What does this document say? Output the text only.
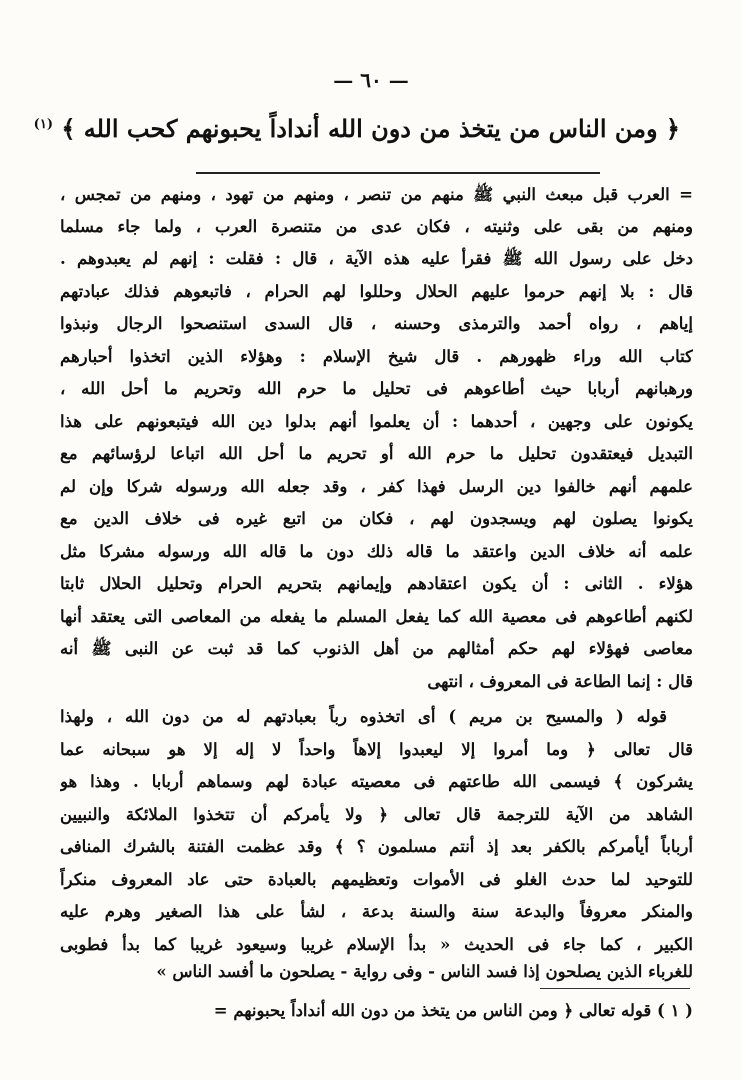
— ٦٠ —
﴿ ومن الناس من يتخذ من دون الله أنداداً يحبونهم كحب الله ﴾ $^{(١)}$
= العرب قبل مبعث النبي ﷺ منهم من تنصر ، ومنهم من تهود ، ومنهم من تمجس ،
ومنهم من بقى على وثنيته ، فكان عدى من متنصرة العرب ، ولما جاء مسلما
دخل على رسول الله ﷺ فقرأ عليه هذه الآية ، قال : فقلت : إنهم لم يعبدوهم .
قال : بلا إنهم حرموا عليهم الحلال وحللوا لهم الحرام ، فاتبعوهم فذلك عبادتهم
إياهم ، رواه أحمد والترمذى وحسنه ، قال السدى استنصحوا الرجال ونبذوا
كتاب الله وراء ظهورهم . قال شيخ الإسلام : وهؤلاء الذين اتخذوا أحبارهم
ورهبانهم أربابا حيث أطاعوهم فى تحليل ما حرم الله وتحريم ما أحل الله ،
يكونون على وجهين ، أحدهما : أن يعلموا أنهم بدلوا دين الله فيتبعونهم على هذا
التبديل فيعتقدون تحليل ما حرم الله أو تحريم ما أحل الله اتباعا لرؤسائهم مع
علمهم أنهم خالفوا دين الرسل فهذا كفر ، وقد جعله الله ورسوله شركا وإن لم
يكونوا يصلون لهم ويسجدون لهم ، فكان من اتبع غيره فى خلاف الدين مع
علمه أنه خلاف الدين واعتقد ما قاله ذلك دون ما قاله الله ورسوله مشركا مثل
هؤلاء . الثانى : أن يكون اعتقادهم وإيمانهم بتحريم الحرام وتحليل الحلال ثابتا
لكنهم أطاعوهم فى معصية الله كما يفعل المسلم ما يفعله من المعاصى التى يعتقد أنها
معاصى فهؤلاء لهم حكم أمثالهم من أهل الذنوب كما قد ثبت عن النبى ﷺ أنه
قال : إنما الطاعة فى المعروف ، انتهى
قوله ( والمسيح بن مريم ) أى اتخذوه رباً بعبادتهم له من دون الله ، ولهذا
قال تعالى ﴿ وما أمروا إلا ليعبدوا إلاهاً واحداً لا إله إلا هو سبحانه عما
يشركون ﴾ فيسمى الله طاعتهم فى معصيته عبادة لهم وسماهم أربابا . وهذا هو
الشاهد من الآية للترجمة قال تعالى ﴿ ولا يأمركم أن تتخذوا الملائكة والنبيين
أرباباً أيأمركم بالكفر بعد إذ أنتم مسلمون ؟ ﴾ وقد عظمت الفتنة بالشرك المنافى
للتوحيد لما حدث الغلو فى الأموات وتعظيمهم بالعبادة حتى عاد المعروف منكراً
والمنكر معروفاً والبدعة سنة والسنة بدعة ، لشأ على هذا الصغير وهرم عليه
الكبير ، كما جاء فى الحديث « بدأ الإسلام غريبا وسيعود غريبا كما بدأ فطوبى
للغرباء الذين يصلحون إذا فسد الناس - وفى رواية - يصلحون ما أفسد الناس »
( ١ ) قوله تعالى ﴿ ومن الناس من يتخذ من دون الله أنداداً يحبونهم =
